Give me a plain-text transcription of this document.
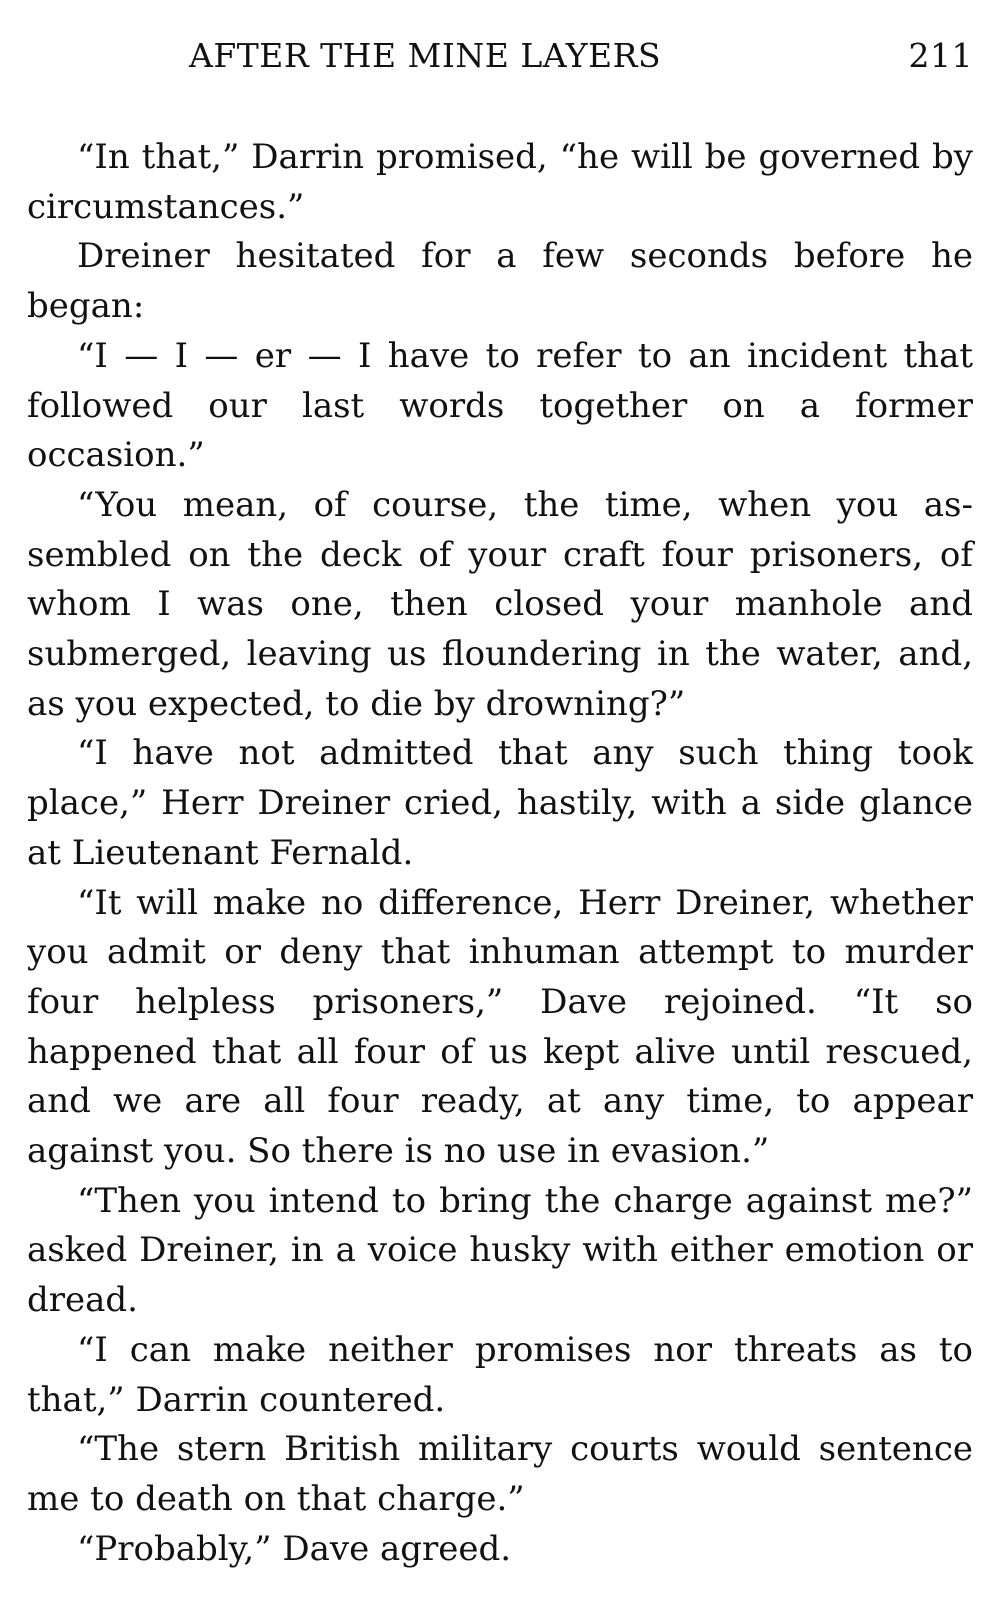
AFTER THE MINE LAYERS	211

“In that,” Darrin promised, “he will be governed by circumstances.”

Dreiner hesitated for a few seconds before he began:

“I — I — er — I have to refer to an incident that followed our last words together on a former occasion.”

“You mean, of course, the time, when you assembled on the deck of your craft four prisoners, of whom I was one, then closed your manhole and submerged, leaving us floundering in the water, and, as you expected, to die by drowning?”

“I have not admitted that any such thing took place,” Herr Dreiner cried, hastily, with a side glance at Lieutenant Fernald.

“It will make no difference, Herr Dreiner, whether you admit or deny that inhuman attempt to murder four helpless prisoners,” Dave rejoined. “It so happened that all four of us kept alive until rescued, and we are all four ready, at any time, to appear against you. So there is no use in evasion.”

“Then you intend to bring the charge against me?” asked Dreiner, in a voice husky with either emotion or dread.

“I can make neither promises nor threats as to that,” Darrin countered.

“The stern British military courts would sentence me to death on that charge.”

“Probably,” Dave agreed.
